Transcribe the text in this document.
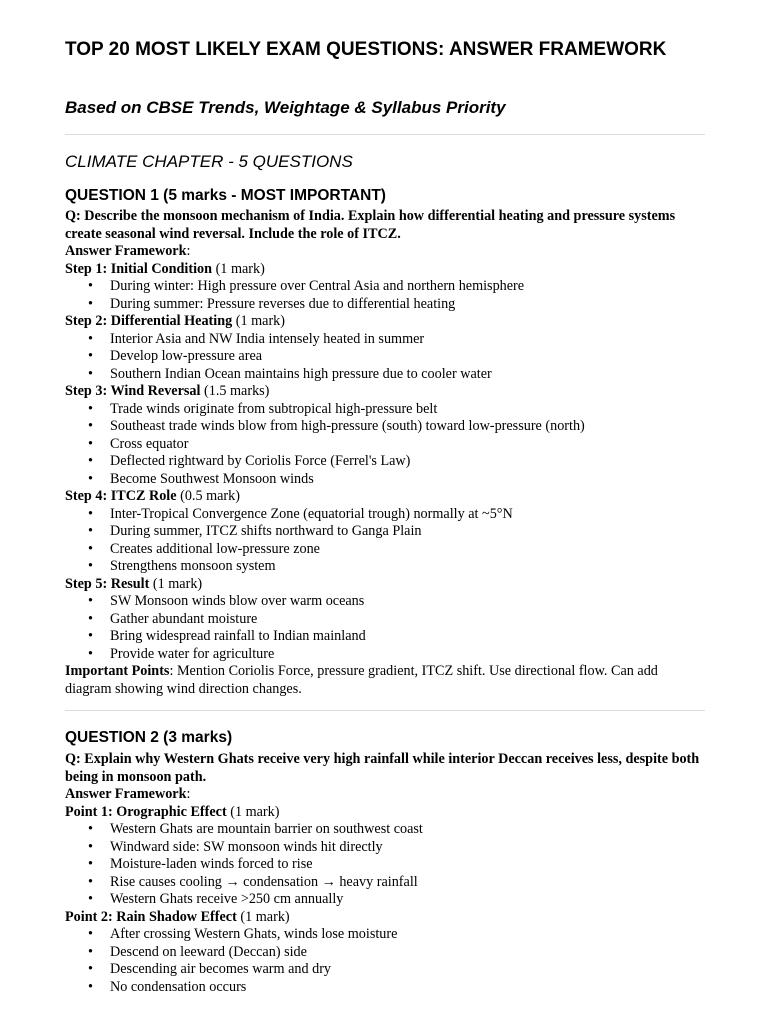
TOP 20 MOST LIKELY EXAM QUESTIONS: ANSWER FRAMEWORK
Based on CBSE Trends, Weightage & Syllabus Priority
CLIMATE CHAPTER - 5 QUESTIONS
QUESTION 1 (5 marks - MOST IMPORTANT)

Q: Describe the monsoon mechanism of India. Explain how differential heating and pressure systems create seasonal wind reversal. Include the role of ITCZ.

Answer Framework:

Step 1: Initial Condition (1 mark)

• During winter: High pressure over Central Asia and northern hemisphere
• During summer: Pressure reverses due to differential heating

Step 2: Differential Heating (1 mark)

• Interior Asia and NW India intensely heated in summer
• Develop low-pressure area
• Southern Indian Ocean maintains high pressure due to cooler water

Step 3: Wind Reversal (1.5 marks)

• Trade winds originate from subtropical high-pressure belt
• Southeast trade winds blow from high-pressure (south) toward low-pressure (north)
• Cross equator
• Deflected rightward by Coriolis Force (Ferrel's Law)
• Become Southwest Monsoon winds

Step 4: ITCZ Role (0.5 mark)

• Inter-Tropical Convergence Zone (equatorial trough) normally at ~5°N
• During summer, ITCZ shifts northward to Ganga Plain
• Creates additional low-pressure zone
• Strengthens monsoon system

Step 5: Result (1 mark)

• SW Monsoon winds blow over warm oceans
• Gather abundant moisture
• Bring widespread rainfall to Indian mainland
• Provide water for agriculture

Important Points: Mention Coriolis Force, pressure gradient, ITCZ shift. Use directional flow. Can add diagram showing wind direction changes.

QUESTION 2 (3 marks)

Q: Explain why Western Ghats receive very high rainfall while interior Deccan receives less, despite both being in monsoon path.

Answer Framework:

Point 1: Orographic Effect (1 mark)

• Western Ghats are mountain barrier on southwest coast
• Windward side: SW monsoon winds hit directly
• Moisture-laden winds forced to rise
• Rise causes cooling → condensation → heavy rainfall
• Western Ghats receive >250 cm annually

Point 2: Rain Shadow Effect (1 mark)

• After crossing Western Ghats, winds lose moisture
• Descend on leeward (Deccan) side
• Descending air becomes warm and dry
• No condensation occurs
